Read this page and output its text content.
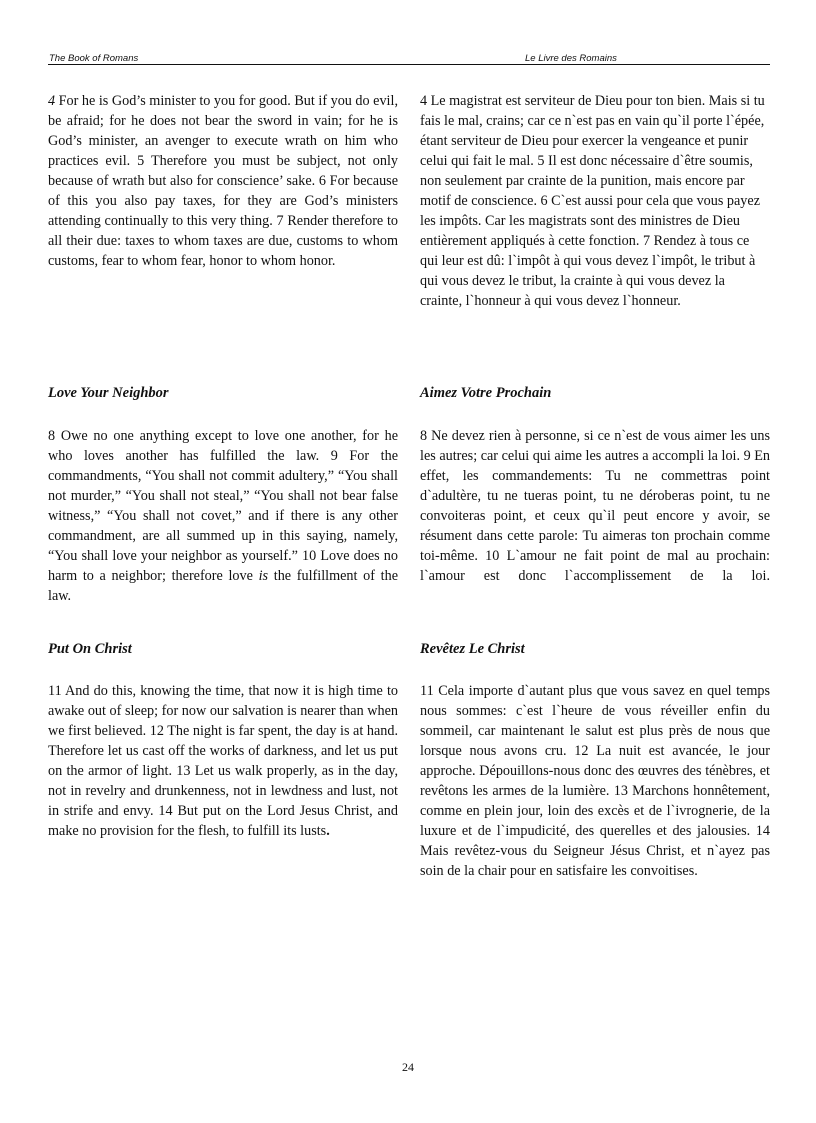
The Book of Romans	Le Livre des Romains

4 For he is God’s minister to you for good. But if you do evil, be afraid; for he does not bear the sword in vain; for he is God’s minister, an avenger to execute wrath on him who practices evil. 5 Therefore you must be subject, not only because of wrath but also for conscience’ sake. 6 For because of this you also pay taxes, for they are God’s ministers attending continually to this very thing. 7 Render therefore to all their due: taxes to whom taxes are due, customs to whom customs, fear to whom fear, honor to whom honor.

4 Le magistrat est serviteur de Dieu pour ton bien. Mais si tu fais le mal, crains; car ce n`est pas en vain qu`il porte l`épée, étant serviteur de Dieu pour exercer la vengeance et punir celui qui fait le mal. 5 Il est donc nécessaire d`être soumis, non seulement par crainte de la punition, mais encore par motif de conscience. 6 C`est aussi pour cela que vous payez les impôts. Car les magistrats sont des ministres de Dieu entièrement appliqués à cette fonction. 7 Rendez à tous ce qui leur est dû: l`impôt à qui vous devez l`impôt, le tribut à qui vous devez le tribut, la crainte à qui vous devez la crainte, l`honneur à qui vous devez l`honneur.

Love Your Neighbor	Aimez Votre Prochain

8 Owe no one anything except to love one another, for he who loves another has fulfilled the law. 9 For the commandments, “You shall not commit adultery,” “You shall not murder,” “You shall not steal,” “You shall not bear false witness,” “You shall not covet,” and if there is any other commandment, are all summed up in this saying, namely, “You shall love your neighbor as yourself.” 10 Love does no harm to a neighbor; therefore love is the fulfillment of the law.

8 Ne devez rien à personne, si ce n`est de vous aimer les uns les autres; car celui qui aime les autres a accompli la loi. 9 En effet, les commandements: Tu ne commettras point d`adultère, tu ne tueras point, tu ne déroberas point, tu ne convoiteras point, et ceux qu`il peut encore y avoir, se résument dans cette parole: Tu aimeras ton prochain comme toi-même. 10 L`amour ne fait point de mal au prochain: l`amour est donc l`accomplissement de la loi.
Put On Christ	Revêtez Le Christ

11 And do this, knowing the time, that now it is high time to awake out of sleep; for now our salvation is nearer than when we first believed. 12 The night is far spent, the day is at hand. Therefore let us cast off the works of darkness, and let us put on the armor of light. 13 Let us walk properly, as in the day, not in revelry and drunkenness, not in lewdness and lust, not in strife and envy. 14 But put on the Lord Jesus Christ, and make no provision for the flesh, to fulfill its lusts.

11 Cela importe d`autant plus que vous savez en quel temps nous sommes: c`est l`heure de vous réveiller enfin du sommeil, car maintenant le salut est plus près de nous que lorsque nous avons cru. 12 La nuit est avancée, le jour approche. Dépouillons-nous donc des œuvres des ténèbres, et revêtons les armes de la lumière. 13 Marchons honnêtement, comme en plein jour, loin des excès et de l`ivrognerie, de la luxure et de l`impudicité, des querelles et des jalousies. 14 Mais revêtez-vous du Seigneur Jésus Christ, et n`ayez pas soin de la chair pour en satisfaire les convoitises.
24
